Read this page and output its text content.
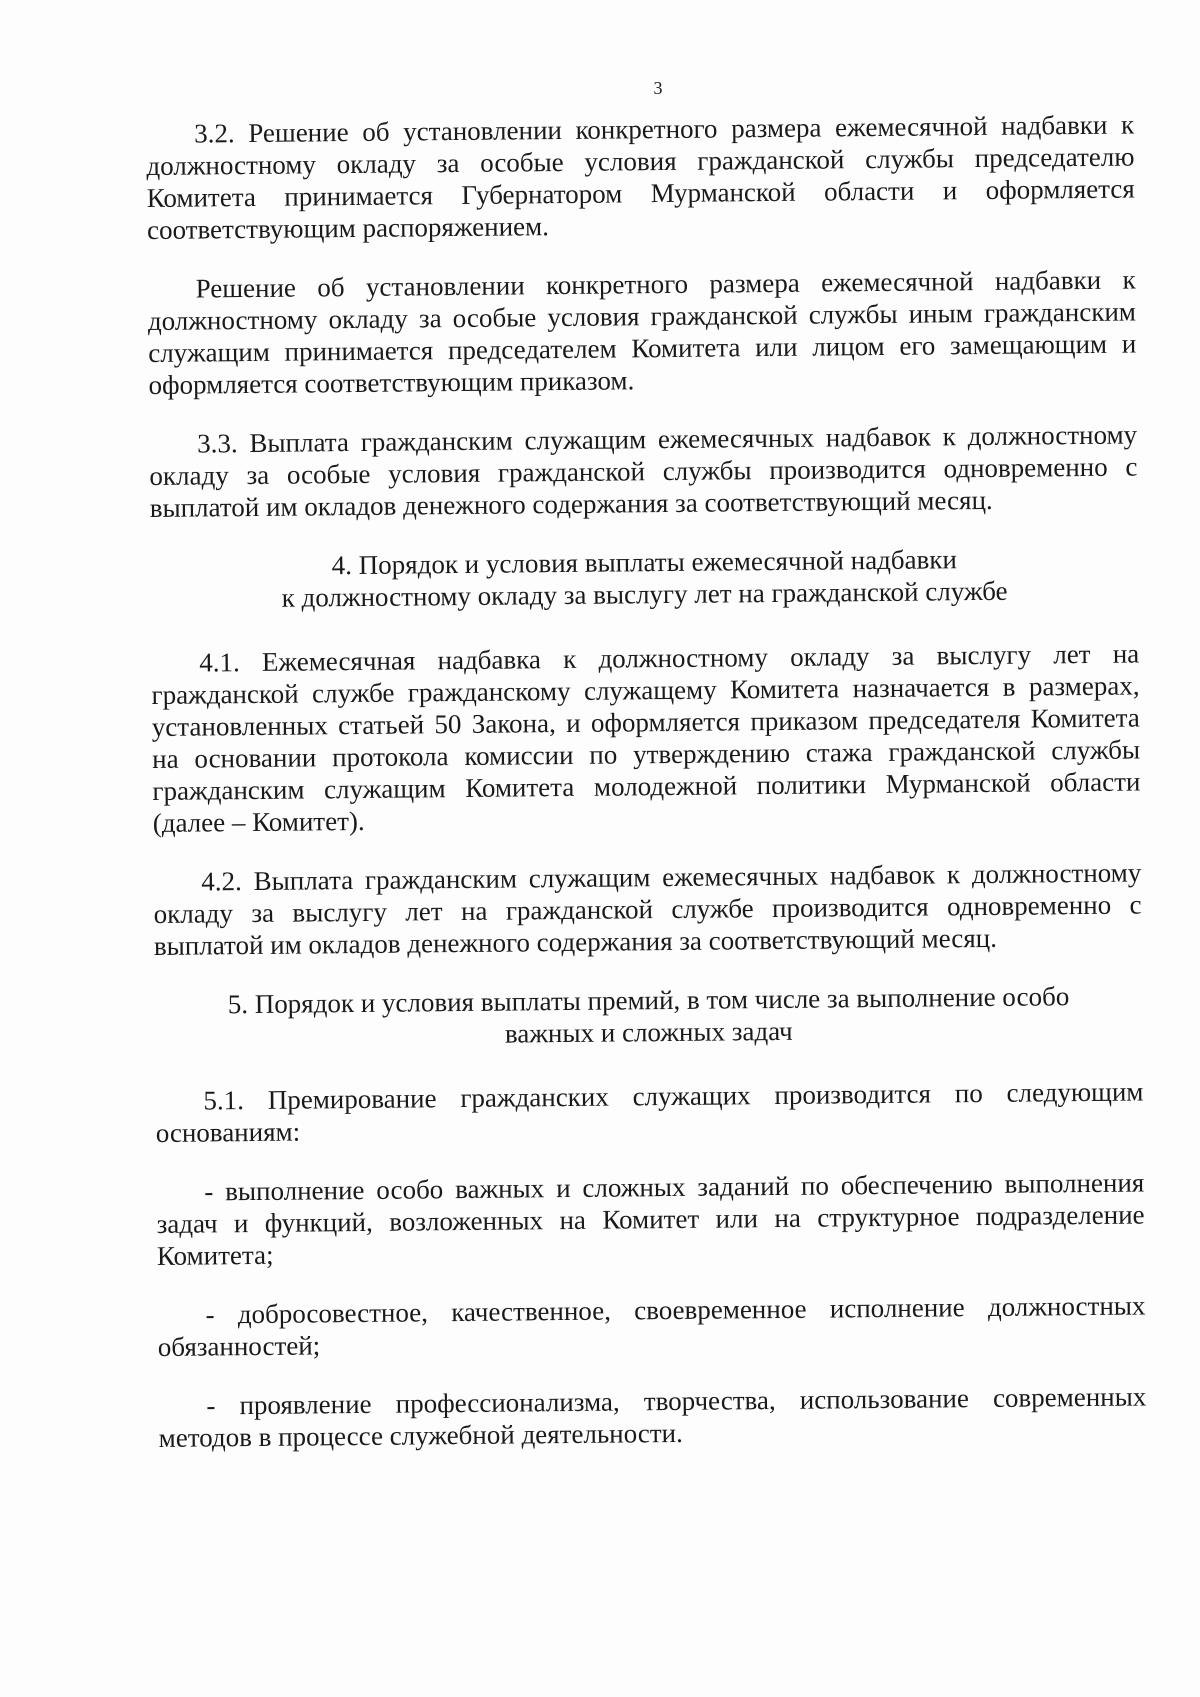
3

3.2. Решение об установлении конкретного размера ежемесячной надбавки к должностному окладу за особые условия гражданской службы председателю Комитета принимается Губернатором Мурманской области и оформляется соответствующим распоряжением.

Решение об установлении конкретного размера ежемесячной надбавки к должностному окладу за особые условия гражданской службы иным гражданским служащим принимается председателем Комитета или лицом его замещающим и оформляется соответствующим приказом.

3.3. Выплата гражданским служащим ежемесячных надбавок к должностному окладу за особые условия гражданской службы производится одновременно с выплатой им окладов денежного содержания за соответствующий месяц.

4. Порядок и условия выплаты ежемесячной надбавки
к должностному окладу за выслугу лет на гражданской службе

4.1. Ежемесячная надбавка к должностному окладу за выслугу лет на гражданской службе гражданскому служащему Комитета назначается в размерах, установленных статьей 50 Закона, и оформляется приказом председателя Комитета на основании протокола комиссии по утверждению стажа гражданской службы гражданским служащим Комитета молодежной политики Мурманской области (далее – Комитет).

4.2. Выплата гражданским служащим ежемесячных надбавок к должностному окладу за выслугу лет на гражданской службе производится одновременно с выплатой им окладов денежного содержания за соответствующий месяц.

5. Порядок и условия выплаты премий, в том числе за выполнение особо
важных и сложных задач

5.1. Премирование гражданских служащих производится по следующим основаниям:

- выполнение особо важных и сложных заданий по обеспечению выполнения задач и функций, возложенных на Комитет или на структурное подразделение Комитета;

- добросовестное, качественное, своевременное исполнение должностных обязанностей;

- проявление профессионализма, творчества, использование современных методов в процессе служебной деятельности.
